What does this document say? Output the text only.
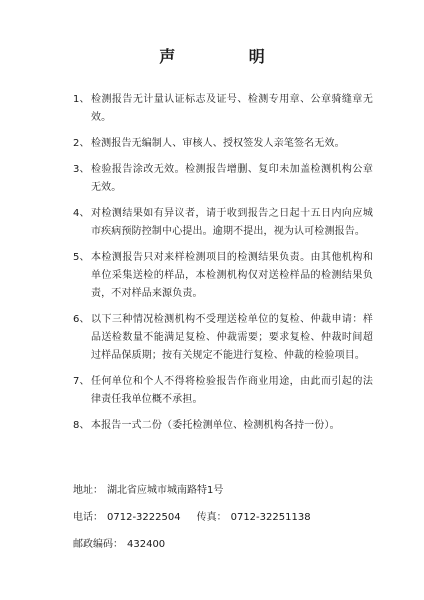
声 明
1、 检测报告无计量认证标志及证号、检测专用章、公章骑缝章无效。
2、 检测报告无编制人、审核人、授权签发人亲笔签名无效。
3、 检验报告涂改无效。检测报告增删、复印未加盖检测机构公章无效。
4、 对检测结果如有异议者，请于收到报告之日起十五日内向应城市疾病预防控制中心提出。逾期不提出，视为认可检测报告。
5、 本检测报告只对来样检测项目的检测结果负责。由其他机构和单位采集送检的样品，本检测机构仅对送检样品的检测结果负责，不对样品来源负责。
6、 以下三种情况检测机构不受理送检单位的复检、仲裁申请：样品送检数量不能满足复检、仲裁需要；要求复检、仲裁时间超过样品保质期；按有关规定不能进行复检、仲裁的检验项目。
7、 任何单位和个人不得将检验报告作商业用途，由此而引起的法律责任我单位概不承担。
8、 本报告一式二份（委托检测单位、检测机构各持一份）。
地址： 湖北省应城市城南路特1号
电话： 0712-3222504 传真： 0712-32251138
邮政编码： 432400
